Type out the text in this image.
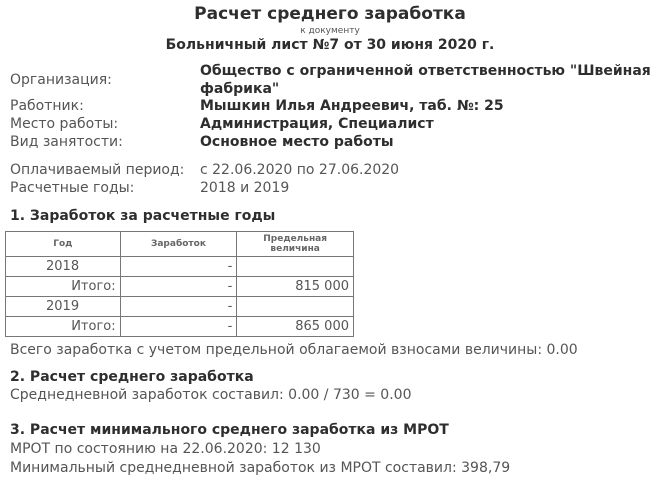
Расчет среднего заработка
к документу
Больничный лист №7 от 30 июня 2020 г.
Организация:
Общество с ограниченной ответственностью "Швейная
фабрика"
Работник:	Мышкин Илья Андреевич, таб. №: 25
Место работы:	Администрация, Специалист
Вид занятости:	Основное место работы
Оплачиваемый период: с 22.06.2020 по 27.06.2020
Расчетные годы:	2018 и 2019
1. Заработок за расчетные годы
Год	Заработок	Предельная величина
2018	-	
Итого:	-	815 000
2019	-	
Итого:	-	865 000
Всего заработка с учетом предельной облагаемой взносами величины: 0.00
2. Расчет среднего заработка
Среднедневной заработок составил: 0.00 / 730 = 0.00
3. Расчет минимального среднего заработка из МРОТ
МРОТ по состоянию на 22.06.2020: 12 130
Минимальный среднедневной заработок из МРОТ составил: 398,79
